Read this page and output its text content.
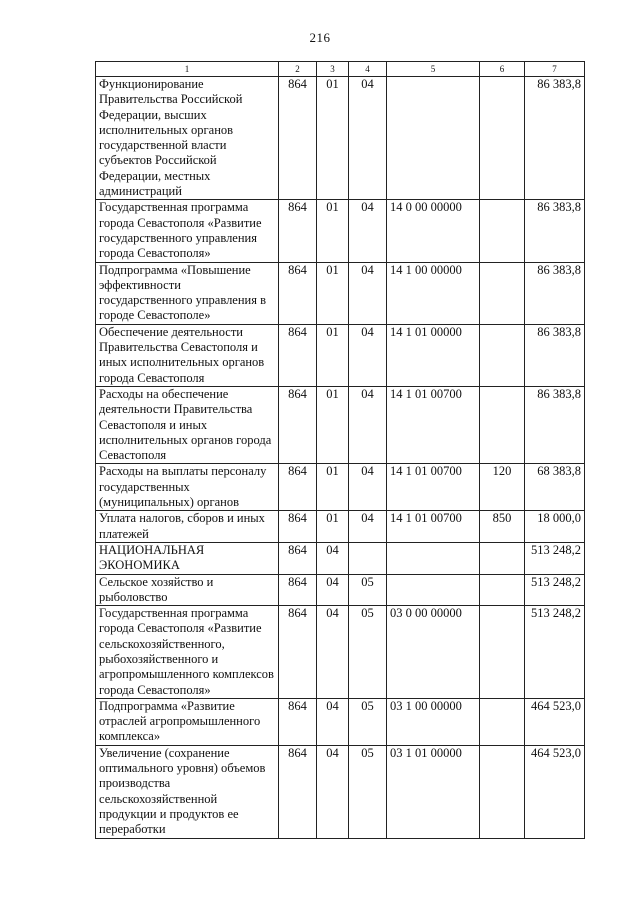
216
1	2	3	4	5	6	7
Функционирование Правительства Российской Федерации, высших исполнительных органов государственной власти субъектов Российской Федерации, местных администраций	864	01	04			86 383,8
Государственная программа города Севастополя «Развитие государственного управления города Севастополя»	864	01	04	14 0 00 00000		86 383,8
Подпрограмма «Повышение эффективности государственного управления в городе Севастополе»	864	01	04	14 1 00 00000		86 383,8
Обеспечение деятельности Правительства Севастополя и иных исполнительных органов города Севастополя	864	01	04	14 1 01 00000		86 383,8
Расходы на обеспечение деятельности Правительства Севастополя и иных исполнительных органов города Севастополя	864	01	04	14 1 01 00700		86 383,8
Расходы на выплаты персоналу государственных (муниципальных) органов	864	01	04	14 1 01 00700	120	68 383,8
Уплата налогов, сборов и иных платежей	864	01	04	14 1 01 00700	850	18 000,0
НАЦИОНАЛЬНАЯ ЭКОНОМИКА	864	04				513 248,2
Сельское хозяйство и рыболовство	864	04	05			513 248,2
Государственная программа города Севастополя «Развитие сельскохозяйственного, рыбохозяйственного и агропромышленного комплексов города Севастополя»	864	04	05	03 0 00 00000		513 248,2
Подпрограмма «Развитие отраслей агропромышленного комплекса»	864	04	05	03 1 00 00000		464 523,0
Увеличение (сохранение оптимального уровня) объемов производства сельскохозяйственной продукции и продуктов ее переработки	864	04	05	03 1 01 00000		464 523,0
